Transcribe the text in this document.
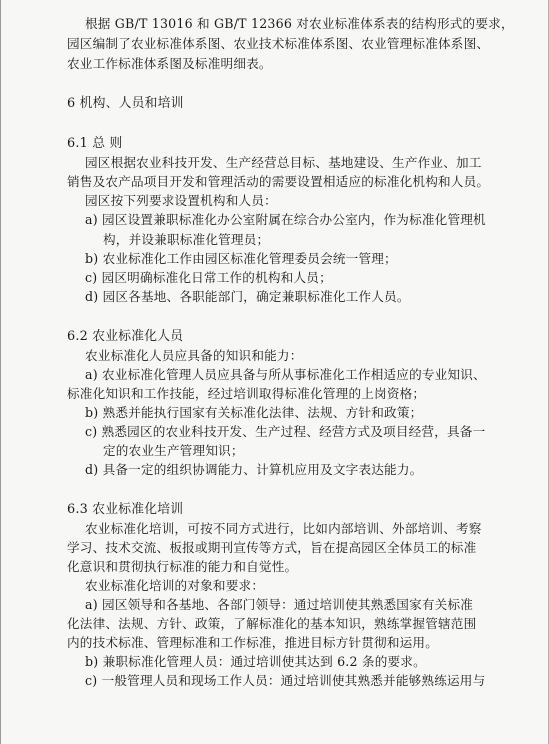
根据 GB/T 13016 和 GB/T 12366 对农业标准体系表的结构形式的要求，
园区编制了农业标准体系图、农业技术标准体系图、农业管理标准体系图、
农业工作标准体系图及标准明细表。
6 机构、人员和培训
6.1 总 则
园区根据农业科技开发、生产经营总目标、基地建设、生产作业、加工
销售及农产品项目开发和管理活动的需要设置相适应的标准化机构和人员。
园区按下列要求设置机构和人员：
a) 园区设置兼职标准化办公室附属在综合办公室内，作为标准化管理机
构，并设兼职标准化管理员；
b) 农业标准化工作由园区标准化管理委员会统一管理；
c) 园区明确标准化日常工作的机构和人员；
d) 园区各基地、各职能部门，确定兼职标准化工作人员。
6.2 农业标准化人员
农业标准化人员应具备的知识和能力：
a) 农业标准化管理人员应具备与所从事标准化工作相适应的专业知识、
标准化知识和工作技能，经过培训取得标准化管理的上岗资格；
b) 熟悉并能执行国家有关标准化法律、法规、方针和政策；
c) 熟悉园区的农业科技开发、生产过程、经营方式及项目经营，具备一
定的农业生产管理知识；
d) 具备一定的组织协调能力、计算机应用及文字表达能力。
6.3 农业标准化培训
农业标准化培训，可按不同方式进行，比如内部培训、外部培训、考察
学习、技术交流、板报或期刊宣传等方式，旨在提高园区全体员工的标准
化意识和贯彻执行标准的能力和自觉性。
农业标准化培训的对象和要求：
a) 园区领导和各基地、各部门领导：通过培训使其熟悉国家有关标准
化法律、法规、方针、政策，了解标准化的基本知识，熟练掌握管辖范围
内的技术标准、管理标准和工作标准，推进目标方针贯彻和运用。
b) 兼职标准化管理人员：通过培训使其达到 6.2 条的要求。
c) 一般管理人员和现场工作人员：通过培训使其熟悉并能够熟练运用与
